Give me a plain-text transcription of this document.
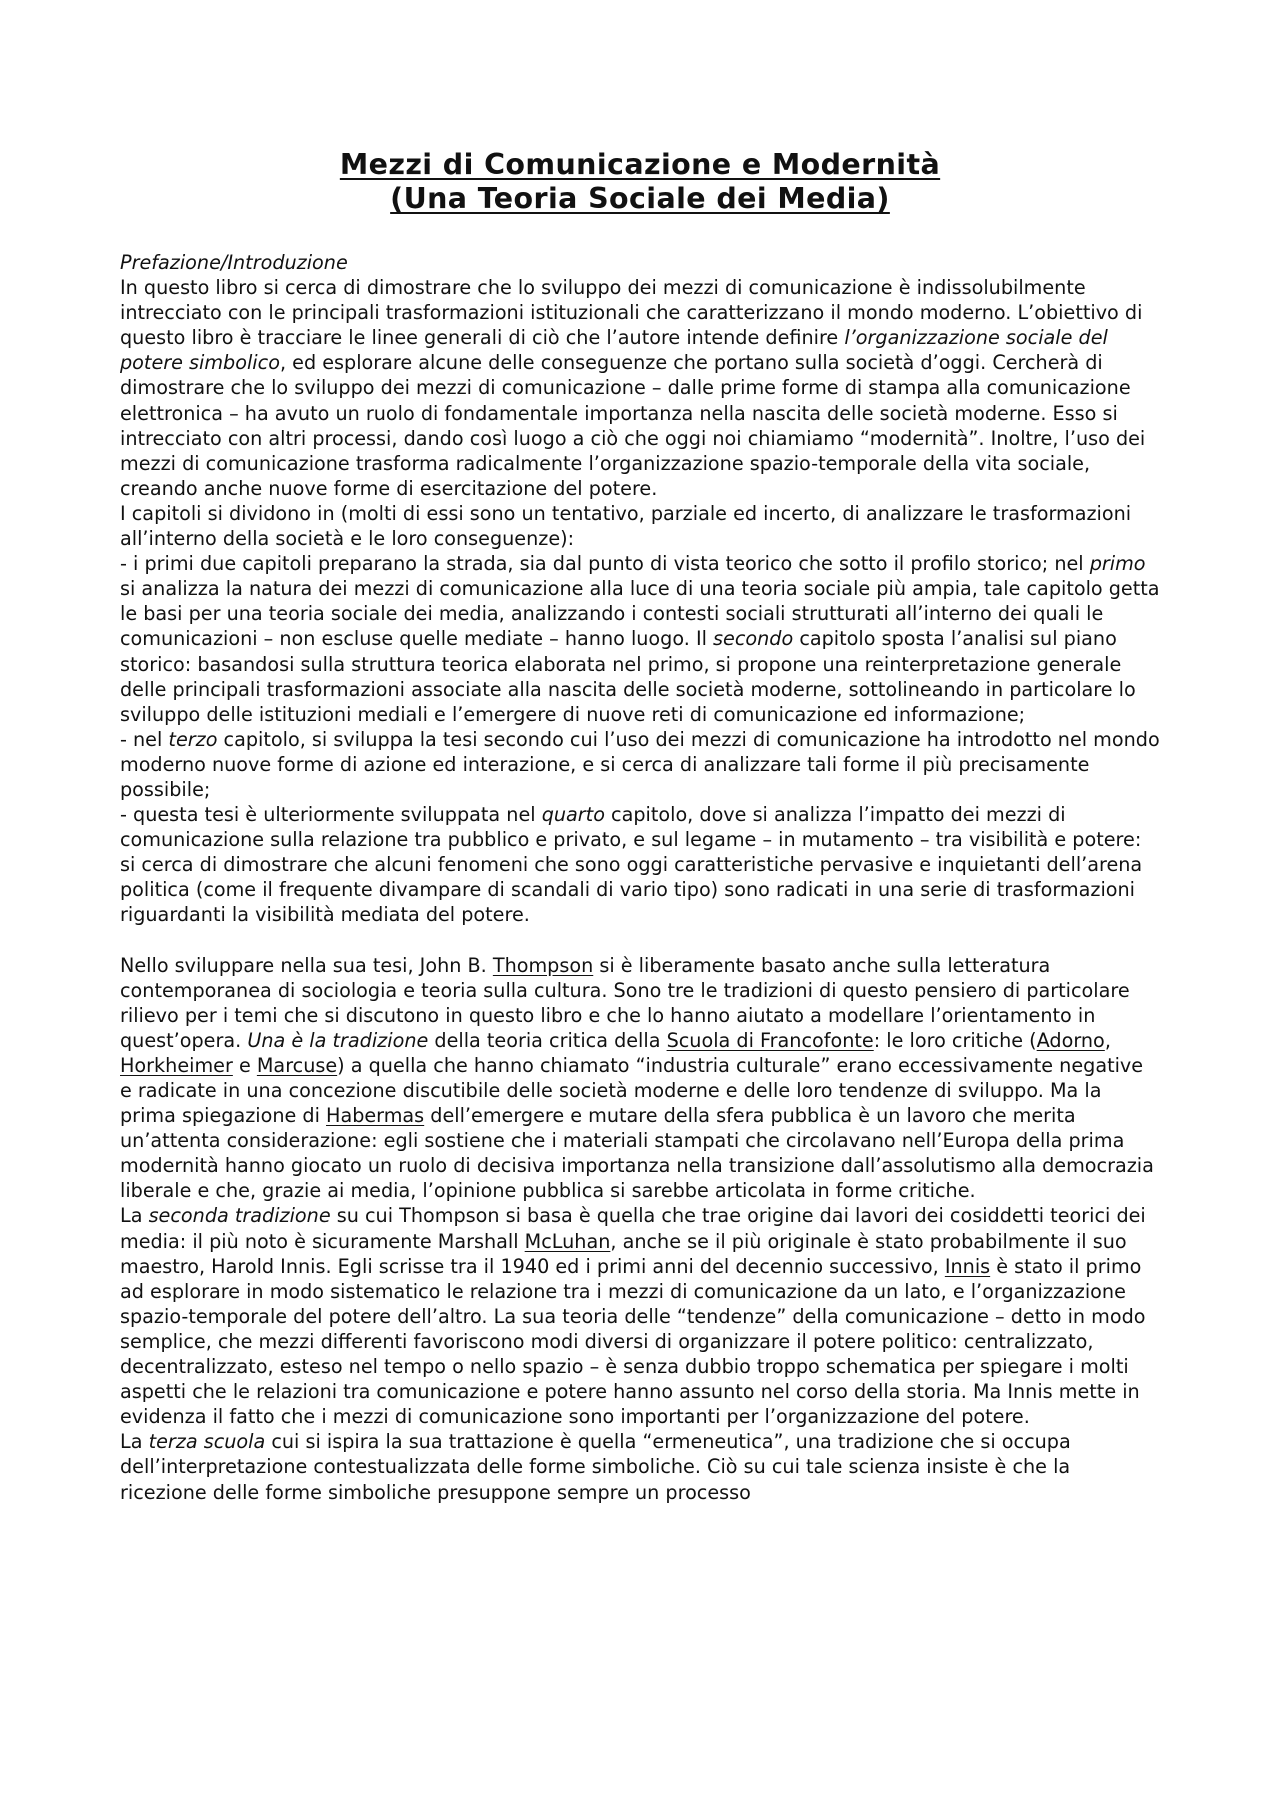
Mezzi di Comunicazione e Modernità

(Una Teoria Sociale dei Media)

Prefazione/Introduzione

In questo libro si cerca di dimostrare che lo sviluppo dei mezzi di comunicazione è indissolubilmente intrecciato con le principali trasformazioni istituzionali che caratterizzano il mondo moderno. L’obiettivo di questo libro è tracciare le linee generali di ciò che l’autore intende definire l’organizzazione sociale del potere simbolico, ed esplorare alcune delle conseguenze che portano sulla società d’oggi. Cercherà di dimostrare che lo sviluppo dei mezzi di comunicazione – dalle prime forme di stampa alla comunicazione elettronica – ha avuto un ruolo di fondamentale importanza nella nascita delle società moderne. Esso si intrecciato con altri processi, dando così luogo a ciò che oggi noi chiamiamo “modernità”. Inoltre, l’uso dei mezzi di comunicazione trasforma radicalmente l’organizzazione spazio-temporale della vita sociale, creando anche nuove forme di esercitazione del potere.

I capitoli si dividono in (molti di essi sono un tentativo, parziale ed incerto, di analizzare le trasformazioni all’interno della società e le loro conseguenze):

- i primi due capitoli preparano la strada, sia dal punto di vista teorico che sotto il profilo storico; nel primo si analizza la natura dei mezzi di comunicazione alla luce di una teoria sociale più ampia, tale capitolo getta le basi per una teoria sociale dei media, analizzando i contesti sociali strutturati all’interno dei quali le comunicazioni – non escluse quelle mediate – hanno luogo. Il secondo capitolo sposta l’analisi sul piano storico: basandosi sulla struttura teorica elaborata nel primo, si propone una reinterpretazione generale delle principali trasformazioni associate alla nascita delle società moderne, sottolineando in particolare lo sviluppo delle istituzioni mediali e l’emergere di nuove reti di comunicazione ed informazione;

- nel terzo capitolo, si sviluppa la tesi secondo cui l’uso dei mezzi di comunicazione ha introdotto nel mondo moderno nuove forme di azione ed interazione, e si cerca di analizzare tali forme il più precisamente possibile;

- questa tesi è ulteriormente sviluppata nel quarto capitolo, dove si analizza l’impatto dei mezzi di comunicazione sulla relazione tra pubblico e privato, e sul legame – in mutamento – tra visibilità e potere: si cerca di dimostrare che alcuni fenomeni che sono oggi caratteristiche pervasive e inquietanti dell’arena politica (come il frequente divampare di scandali di vario tipo) sono radicati in una serie di trasformazioni riguardanti la visibilità mediata del potere.

Nello sviluppare nella sua tesi, John B. Thompson si è liberamente basato anche sulla letteratura contemporanea di sociologia e teoria sulla cultura. Sono tre le tradizioni di questo pensiero di particolare rilievo per i temi che si discutono in questo libro e che lo hanno aiutato a modellare l’orientamento in quest’opera. Una è la tradizione della teoria critica della Scuola di Francofonte: le loro critiche (Adorno, Horkheimer e Marcuse) a quella che hanno chiamato “industria culturale” erano eccessivamente negative e radicate in una concezione discutibile delle società moderne e delle loro tendenze di sviluppo. Ma la prima spiegazione di Habermas dell’emergere e mutare della sfera pubblica è un lavoro che merita un’attenta considerazione: egli sostiene che i materiali stampati che circolavano nell’Europa della prima modernità hanno giocato un ruolo di decisiva importanza nella transizione dall’assolutismo alla democrazia liberale e che, grazie ai media, l’opinione pubblica si sarebbe articolata in forme critiche.

La seconda tradizione su cui Thompson si basa è quella che trae origine dai lavori dei cosiddetti teorici dei media: il più noto è sicuramente Marshall McLuhan, anche se il più originale è stato probabilmente il suo maestro, Harold Innis. Egli scrisse tra il 1940 ed i primi anni del decennio successivo, Innis è stato il primo ad esplorare in modo sistematico le relazione tra i mezzi di comunicazione da un lato, e l’organizzazione spazio-temporale del potere dell’altro. La sua teoria delle “tendenze” della comunicazione – detto in modo semplice, che mezzi differenti favoriscono modi diversi di organizzare il potere politico: centralizzato, decentralizzato, esteso nel tempo o nello spazio – è senza dubbio troppo schematica per spiegare i molti aspetti che le relazioni tra comunicazione e potere hanno assunto nel corso della storia. Ma Innis mette in evidenza il fatto che i mezzi di comunicazione sono importanti per l’organizzazione del potere.

La terza scuola cui si ispira la sua trattazione è quella “ermeneutica”, una tradizione che si occupa dell’interpretazione contestualizzata delle forme simboliche. Ciò su cui tale scienza insiste è che la ricezione delle forme simboliche presuppone sempre un processo
